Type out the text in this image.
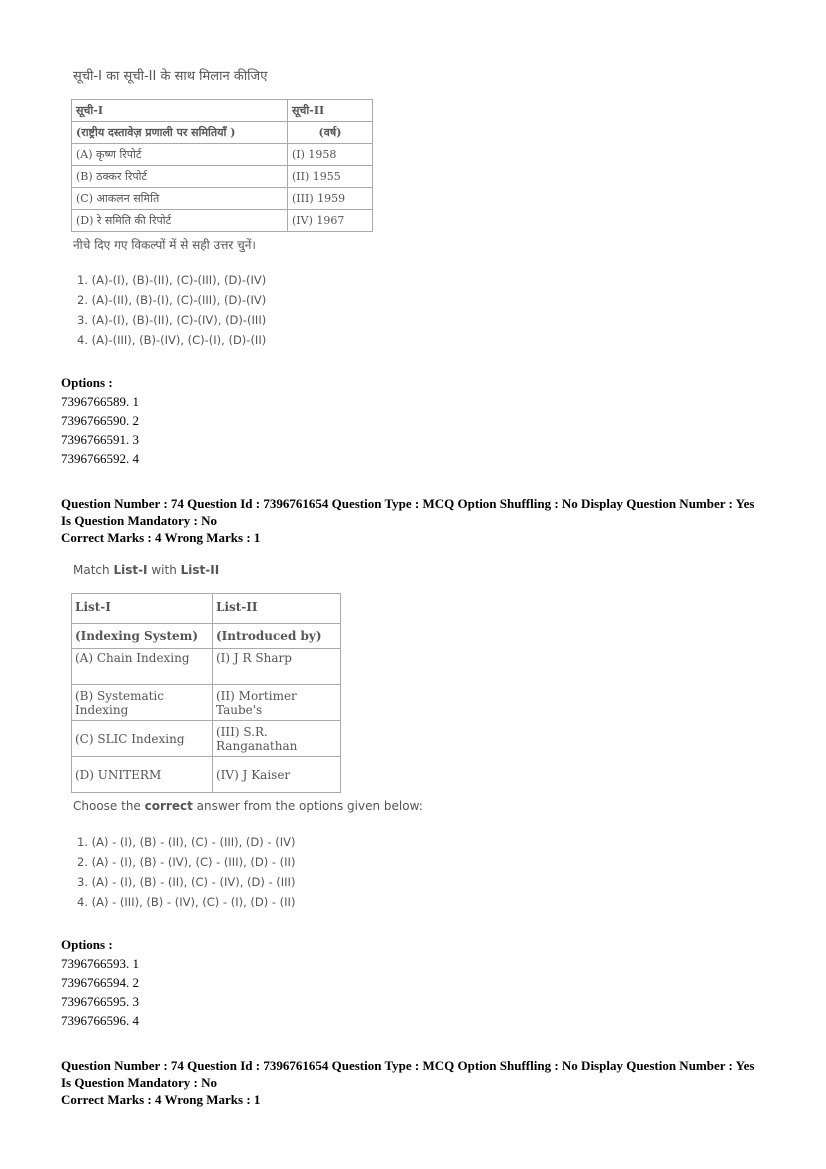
सूची-I का सूची-II के साथ मिलान कीजिए
सूची-I	सूची-II
(राष्ट्रीय दस्तावेज़ प्रणाली पर समितियाँ )	(वर्ष)
(A) कृष्ण रिपोर्ट	(I) 1958
(B) ठक्कर रिपोर्ट	(II) 1955
(C) आकलन समिति	(III) 1959
(D) रे समिति की रिपोर्ट	(IV) 1967
नीचे दिए गए विकल्पों में से सही उत्तर चुनें।
1. (A)-(I), (B)-(II), (C)-(III), (D)-(IV)
2. (A)-(II), (B)-(I), (C)-(III), (D)-(IV)
3. (A)-(I), (B)-(II), (C)-(IV), (D)-(III)
4. (A)-(III), (B)-(IV), (C)-(I), (D)-(II)
Options :
7396766589. 1
7396766590. 2
7396766591. 3
7396766592. 4
Question Number : 74 Question Id : 7396761654 Question Type : MCQ Option Shuffling : No Display Question Number : Yes
Is Question Mandatory : No
Correct Marks : 4 Wrong Marks : 1
Match List-I with List-II
List-I	List-II
(Indexing System)	(Introduced by)
(A) Chain Indexing	(I) J R Sharp
(B) Systematic Indexing	(II) Mortimer Taube's
(C) SLIC Indexing	(III) S.R. Ranganathan
(D) UNITERM	(IV) J Kaiser
Choose the correct answer from the options given below:
1. (A) - (I), (B) - (II), (C) - (III), (D) - (IV)
2. (A) - (I), (B) - (IV), (C) - (III), (D) - (II)
3. (A) - (I), (B) - (II), (C) - (IV), (D) - (III)
4. (A) - (III), (B) - (IV), (C) - (I), (D) - (II)
Options :
7396766593. 1
7396766594. 2
7396766595. 3
7396766596. 4
Question Number : 74 Question Id : 7396761654 Question Type : MCQ Option Shuffling : No Display Question Number : Yes
Is Question Mandatory : No
Correct Marks : 4 Wrong Marks : 1
